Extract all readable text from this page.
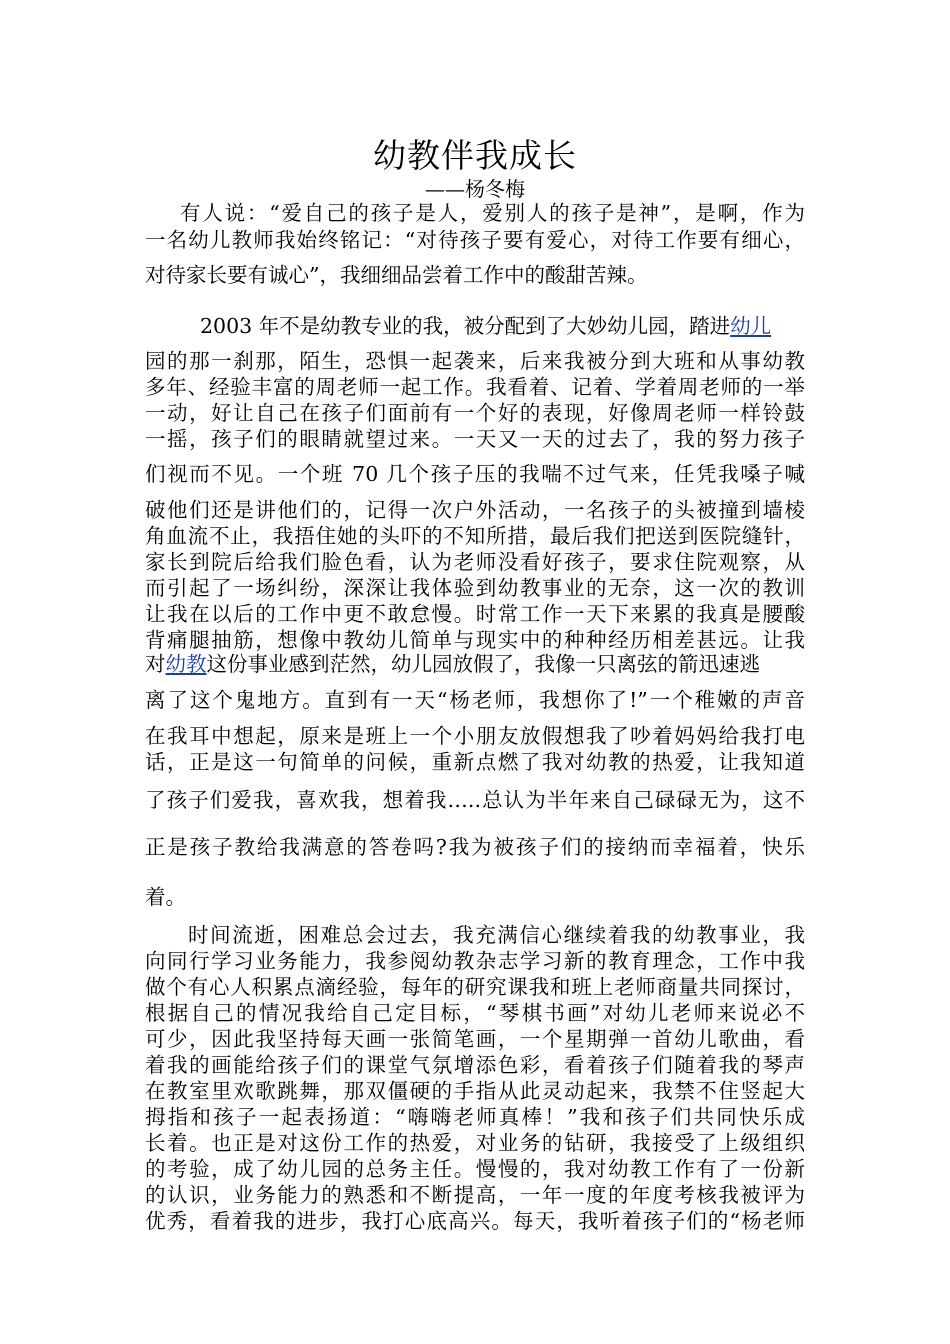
幼教伴我成长
——杨冬梅
有人说：“爱自己的孩子是人，爱别人的孩子是神”，是啊，作为
一名幼儿教师我始终铭记：“对待孩子要有爱心，对待工作要有细心，
对待家长要有诚心”，我细细品尝着工作中的酸甜苦辣。
2003 年不是幼教专业的我，被分配到了大妙幼儿园，踏进幼儿
园的那一刹那，陌生，恐惧一起袭来，后来我被分到大班和从事幼教
多年、经验丰富的周老师一起工作。我看着、记着、学着周老师的一举
一动，好让自己在孩子们面前有一个好的表现，好像周老师一样铃鼓
一摇，孩子们的眼睛就望过来。一天又一天的过去了，我的努力孩子
们视而不见。一个班 70 几个孩子压的我喘不过气来，任凭我嗓子喊
破他们还是讲他们的，记得一次户外活动，一名孩子的头被撞到墙棱
角血流不止，我捂住她的头吓的不知所措，最后我们把送到医院缝针，
家长到院后给我们脸色看，认为老师没看好孩子，要求住院观察，从
而引起了一场纠纷，深深让我体验到幼教事业的无奈，这一次的教训
让我在以后的工作中更不敢怠慢。时常工作一天下来累的我真是腰酸
背痛腿抽筋，想像中教幼儿简单与现实中的种种经历相差甚远。让我
对幼教这份事业感到茫然，幼儿园放假了，我像一只离弦的箭迅速逃
离了这个鬼地方。直到有一天“杨老师，我想你了!”一个稚嫩的声音
在我耳中想起，原来是班上一个小朋友放假想我了吵着妈妈给我打电
话，正是这一句简单的问候，重新点燃了我对幼教的热爱，让我知道
了孩子们爱我，喜欢我，想着我…..总认为半年来自己碌碌无为，这不
正是孩子教给我满意的答卷吗?我为被孩子们的接纳而幸福着，快乐
着。
时间流逝，困难总会过去，我充满信心继续着我的幼教事业，我
向同行学习业务能力，我参阅幼教杂志学习新的教育理念，工作中我
做个有心人积累点滴经验，每年的研究课我和班上老师商量共同探讨，
根据自己的情况我给自己定目标，“琴棋书画”对幼儿老师来说必不
可少，因此我坚持每天画一张简笔画，一个星期弹一首幼儿歌曲，看
着我的画能给孩子们的课堂气氛增添色彩，看着孩子们随着我的琴声
在教室里欢歌跳舞，那双僵硬的手指从此灵动起来，我禁不住竖起大
拇指和孩子一起表扬道：“嗨嗨老师真棒！”我和孩子们共同快乐成
长着。也正是对这份工作的热爱，对业务的钻研，我接受了上级组织
的考验，成了幼儿园的总务主任。慢慢的，我对幼教工作有了一份新
的认识，业务能力的熟悉和不断提高，一年一度的年度考核我被评为
优秀，看着我的进步，我打心底高兴。每天，我听着孩子们的“杨老师
